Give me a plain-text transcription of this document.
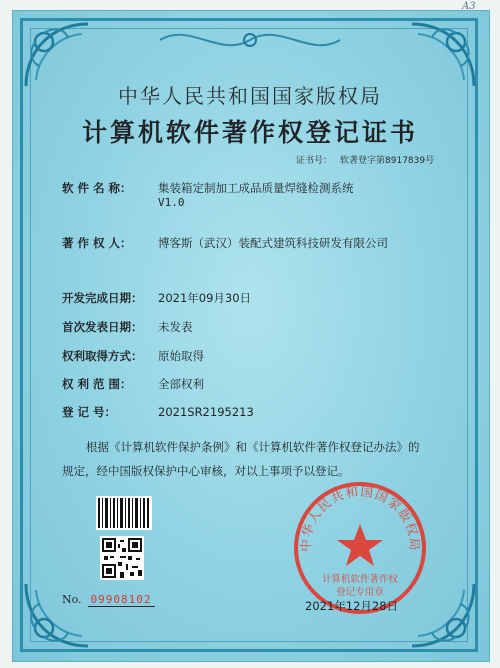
A3
中华人民共和国国家版权局
计算机软件著作权登记证书
证书号： 软著登字第8917839号
软 件 名 称： 集装箱定制加工成品质量焊缝检测系统
V1.0
著 作 权 人： 博客斯（武汉）装配式建筑科技研发有限公司
开发完成日期： 2021年09月30日
首次发表日期： 未发表
权利取得方式： 原始取得
权 利 范 围： 全部权利
登 记 号：	2021SR2195213
根据《计算机软件保护条例》和《计算机软件著作权登记办法》的
规定，经中国版权保护中心审核，对以上事项予以登记。
No. 09908102
中华人民共和国国家版权局
计算机软件著作权
登记专用章
2021年12月28日
